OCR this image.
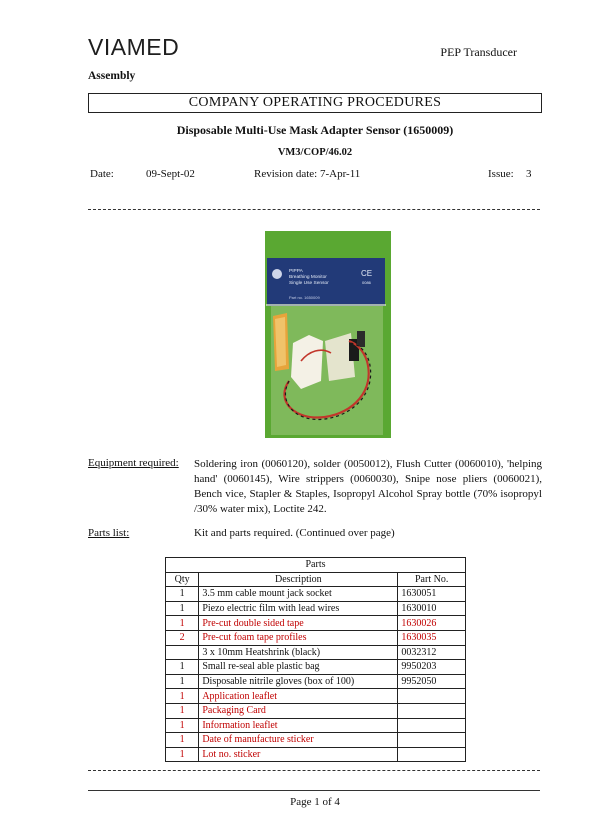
VIAMED	PEP Transducer
Assembly
COMPANY OPERATING PROCEDURES
Disposable Multi-Use Mask Adapter Sensor (1650009)
VM3/COP/46.02
Date:	09-Sept-02	Revision date: 7-Apr-11	Issue: 3
PIPPA
Breathing Monitor
Single Use Sensor
Part no. 1650009
CE
0086
Equipment required: Soldering iron (0060120), solder (0050012), Flush Cutter (0060010), 'helping hand' (0060145), Wire strippers (0060030), Snipe nose pliers (0060021), Bench vice, Stapler & Staples, Isopropyl Alcohol Spray bottle (70% isopropyl /30% water mix), Loctite 242.
Parts list:	Kit and parts required. (Continued over page)
Parts		
Qty	Description	Part No.
1	3.5 mm cable mount jack socket	1630051
1	Piezo electric film with lead wires	1630010
1	Pre-cut double sided tape	1630026
2	Pre-cut foam tape profiles	1630035
	3 x 10mm Heatshrink (black)	0032312
1	Small re-seal able plastic bag	9950203
1	Disposable nitrile gloves (box of 100)	9952050
1	Application leaflet	
1	Packaging Card	
1	Information leaflet	
1	Date of manufacture sticker	
1	Lot no. sticker	
Page 1 of 4
